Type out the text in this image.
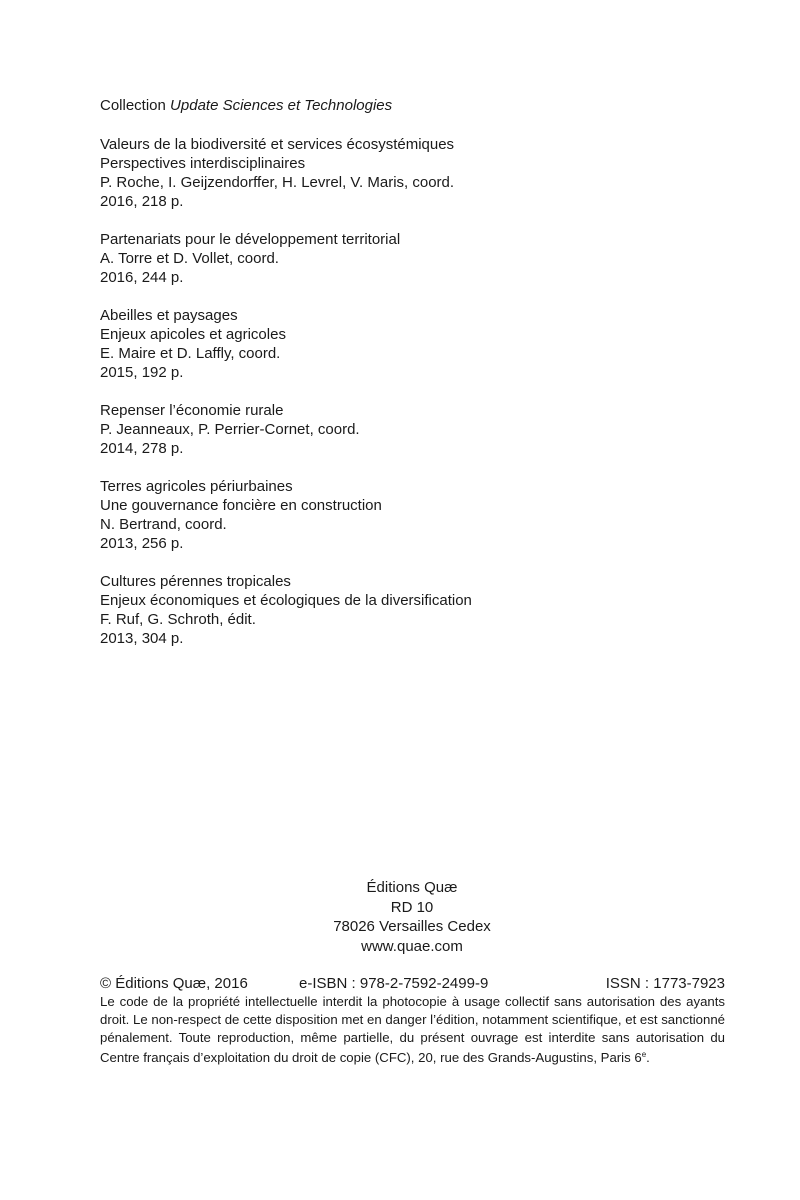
Collection Update Sciences et Technologies
Valeurs de la biodiversité et services écosystémiques
Perspectives interdisciplinaires
P. Roche, I. Geijzendorffer, H. Levrel, V. Maris, coord.
2016, 218 p.
Partenariats pour le développement territorial
A. Torre et D. Vollet, coord.
2016, 244 p.
Abeilles et paysages
Enjeux apicoles et agricoles
E. Maire et D. Laffly, coord.
2015, 192 p.
Repenser l’économie rurale
P. Jeanneaux, P. Perrier-Cornet, coord.
2014, 278 p.
Terres agricoles périurbaines
Une gouvernance foncière en construction
N. Bertrand, coord.
2013, 256 p.
Cultures pérennes tropicales
Enjeux économiques et écologiques de la diversification
F. Ruf, G. Schroth, édit.
2013, 304 p.
Éditions Quæ
RD 10
78026 Versailles Cedex
www.quae.com
© Éditions Quæ, 2016	e-ISBN : 978-2-7592-2499-9	ISSN : 1773-7923
Le code de la propriété intellectuelle interdit la photocopie à usage collectif sans autorisation des ayants droit. Le non-respect de cette disposition met en danger l’édition, notamment scientifique, et est sanctionné pénalement. Toute reproduction, même partielle, du présent ouvrage est interdite sans autorisation du Centre français d’exploitation du droit de copie (CFC), 20, rue des Grands-Augustins, Paris 6e.
